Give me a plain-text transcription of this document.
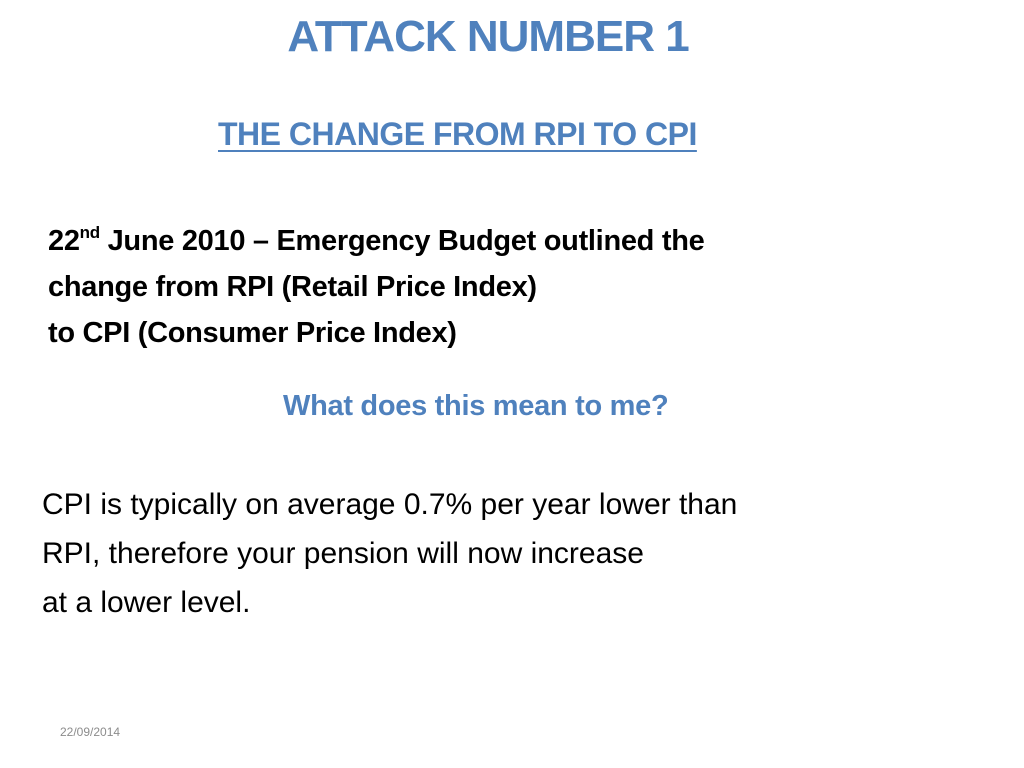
ATTACK NUMBER 1
THE CHANGE FROM RPI TO CPI
22nd June 2010 – Emergency Budget outlined the
change from RPI (Retail Price Index)
to CPI (Consumer Price Index)
What does this mean to me?
CPI is typically on average 0.7% per year lower than
RPI, therefore your pension will now increase
at a lower level.
22/09/2014
